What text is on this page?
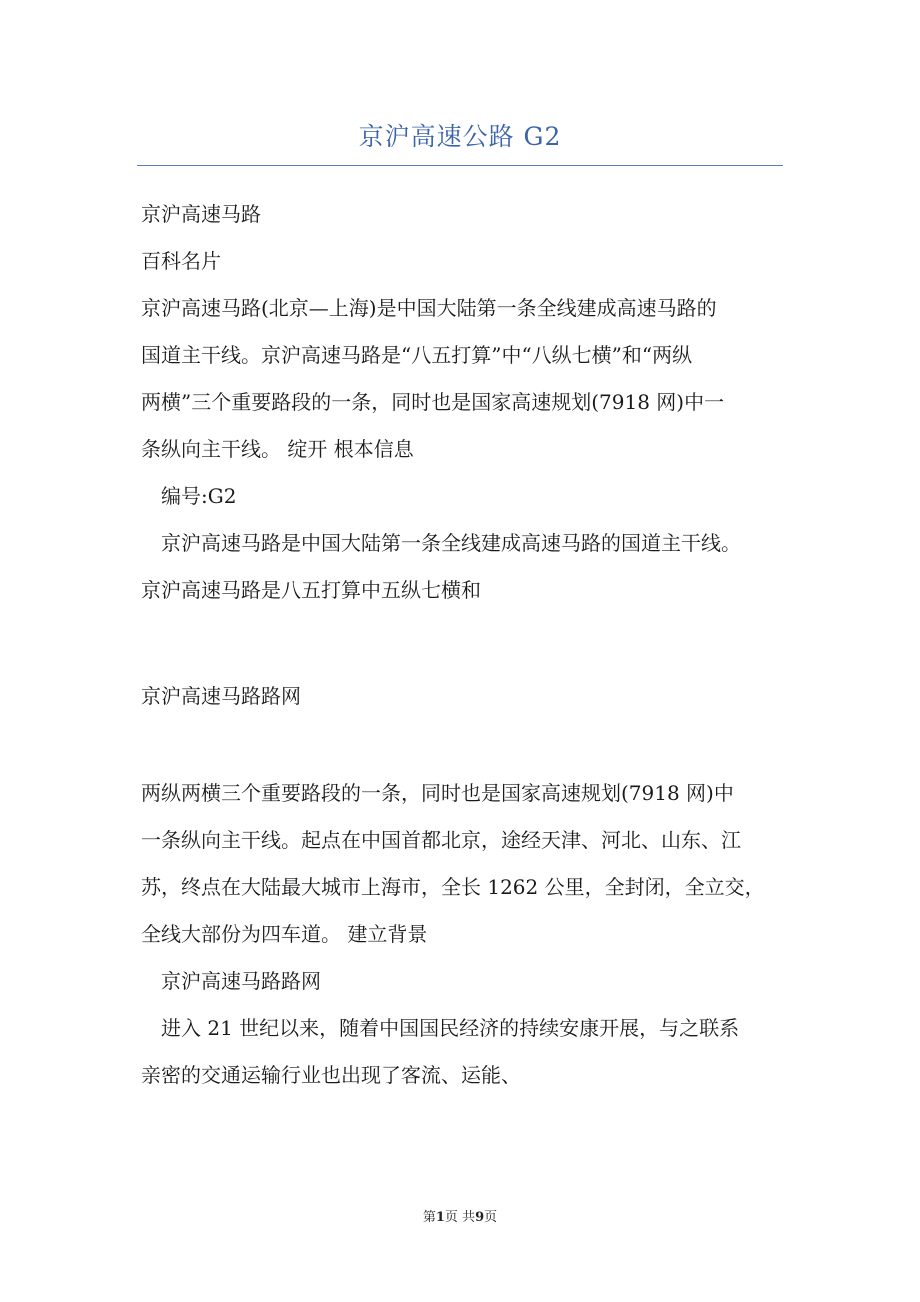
京沪高速公路 G2
京沪高速马路
百科名片
京沪高速马路(北京—上海)是中国大陆第一条全线建成高速马路的
国道主干线。京沪高速马路是“八五打算”中“八纵七横”和“两纵
两横”三个重要路段的一条，同时也是国家高速规划(7918 网)中一
条纵向主干线。 绽开 根本信息
编号:G2
京沪高速马路是中国大陆第一条全线建成高速马路的国道主干线。
京沪高速马路是八五打算中五纵七横和
京沪高速马路路网
两纵两横三个重要路段的一条，同时也是国家高速规划(7918 网)中
一条纵向主干线。起点在中国首都北京，途经天津、河北、山东、江
苏，终点在大陆最大城市上海市，全长 1262 公里，全封闭，全立交，
全线大部份为四车道。 建立背景
京沪高速马路路网
进入 21 世纪以来，随着中国国民经济的持续安康开展，与之联系
亲密的交通运输行业也出现了客流、运能、
第1页 共9页
